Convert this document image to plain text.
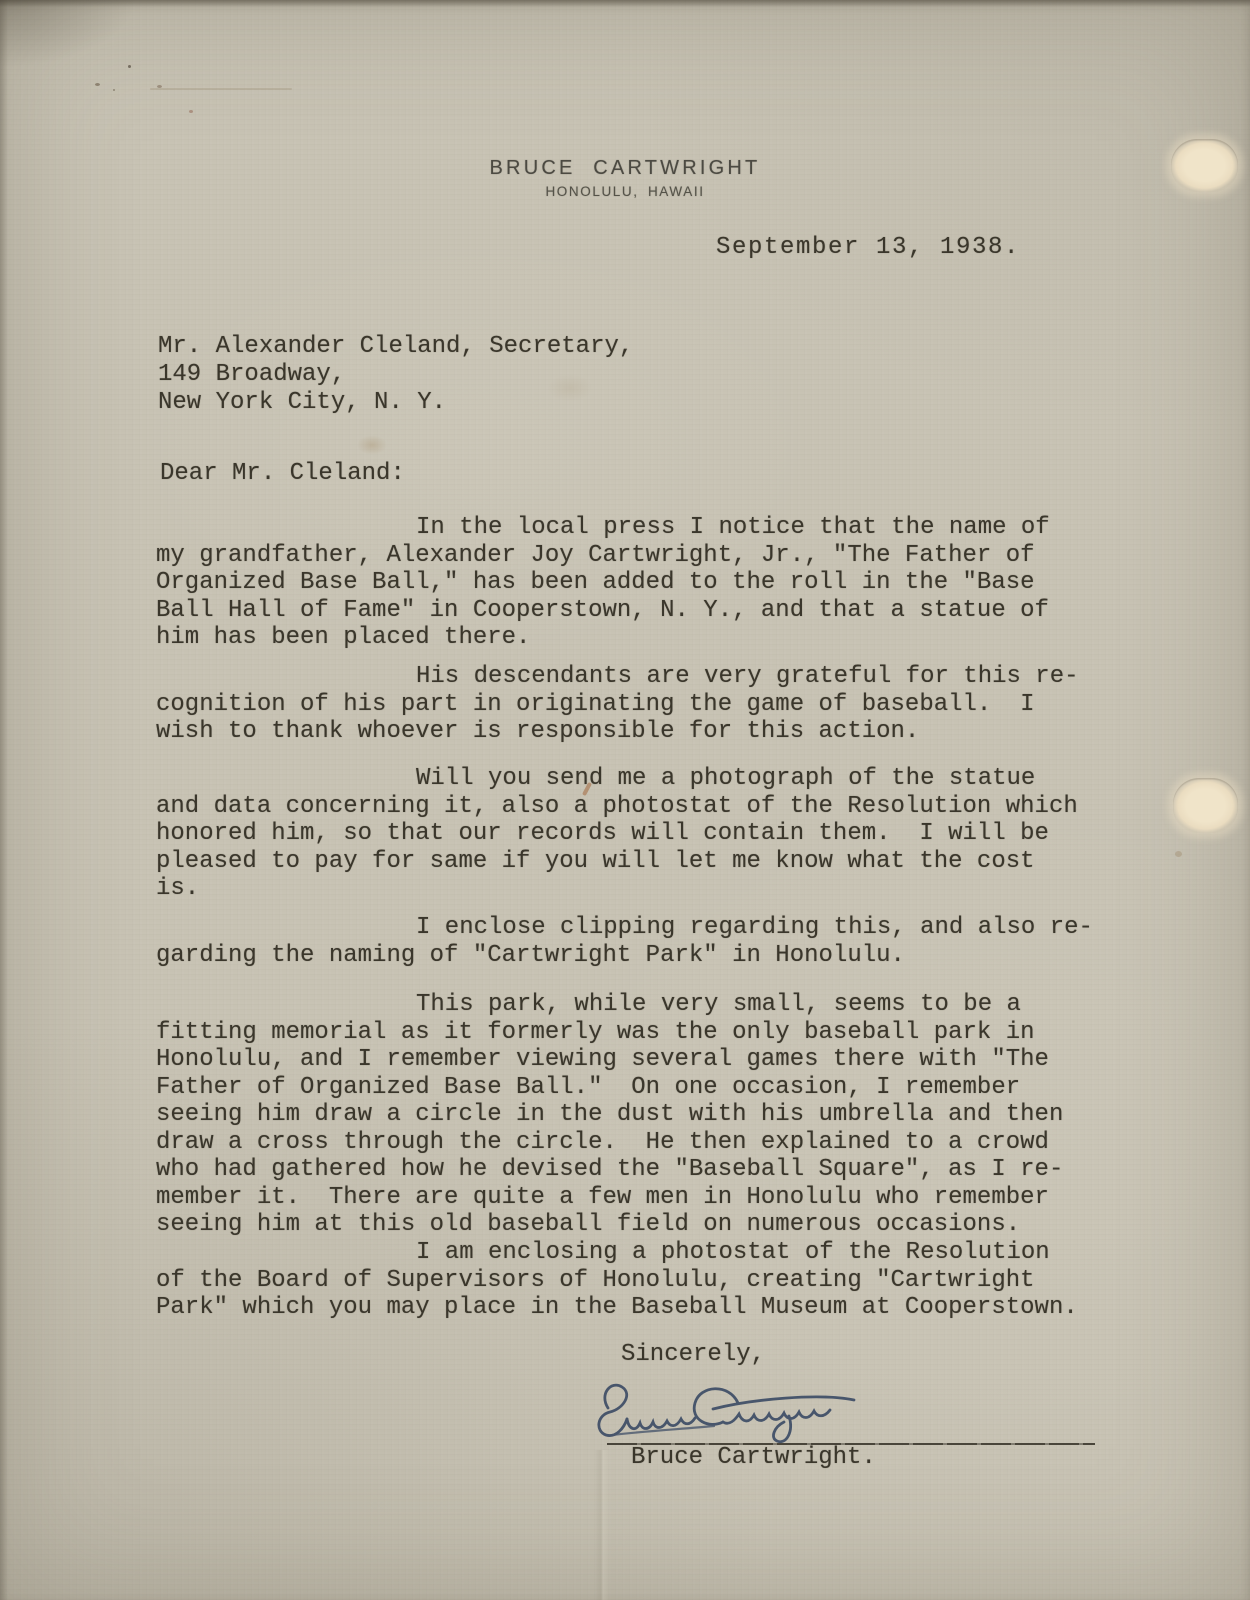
BRUCE CARTWRIGHT
HONOLULU, HAWAII
September 13, 1938.
Mr. Alexander Cleland, Secretary,
149 Broadway,
New York City, N. Y.
Dear Mr. Cleland:
In the local press I notice that the name of
my grandfather, Alexander Joy Cartwright, Jr., "The Father of
Organized Base Ball," has been added to the roll in the "Base
Ball Hall of Fame" in Cooperstown, N. Y., and that a statue of
him has been placed there.
His descendants are very grateful for this re-
cognition of his part in originating the game of baseball.  I
wish to thank whoever is responsible for this action.
Will you send me a photograph of the statue
and data concerning it, also a photostat of the Resolution which
honored him, so that our records will contain them.  I will be
pleased to pay for same if you will let me know what the cost
is.
I enclose clipping regarding this, and also re-
garding the naming of "Cartwright Park" in Honolulu.
This park, while very small, seems to be a
fitting memorial as it formerly was the only baseball park in
Honolulu, and I remember viewing several games there with "The
Father of Organized Base Ball."  On one occasion, I remember
seeing him draw a circle in the dust with his umbrella and then
draw a cross through the circle.  He then explained to a crowd
who had gathered how he devised the "Baseball Square", as I re-
member it.  There are quite a few men in Honolulu who remember
seeing him at this old baseball field on numerous occasions.
I am enclosing a photostat of the Resolution
of the Board of Supervisors of Honolulu, creating "Cartwright
Park" which you may place in the Baseball Museum at Cooperstown.
Sincerely,
Bruce Cartwright.
